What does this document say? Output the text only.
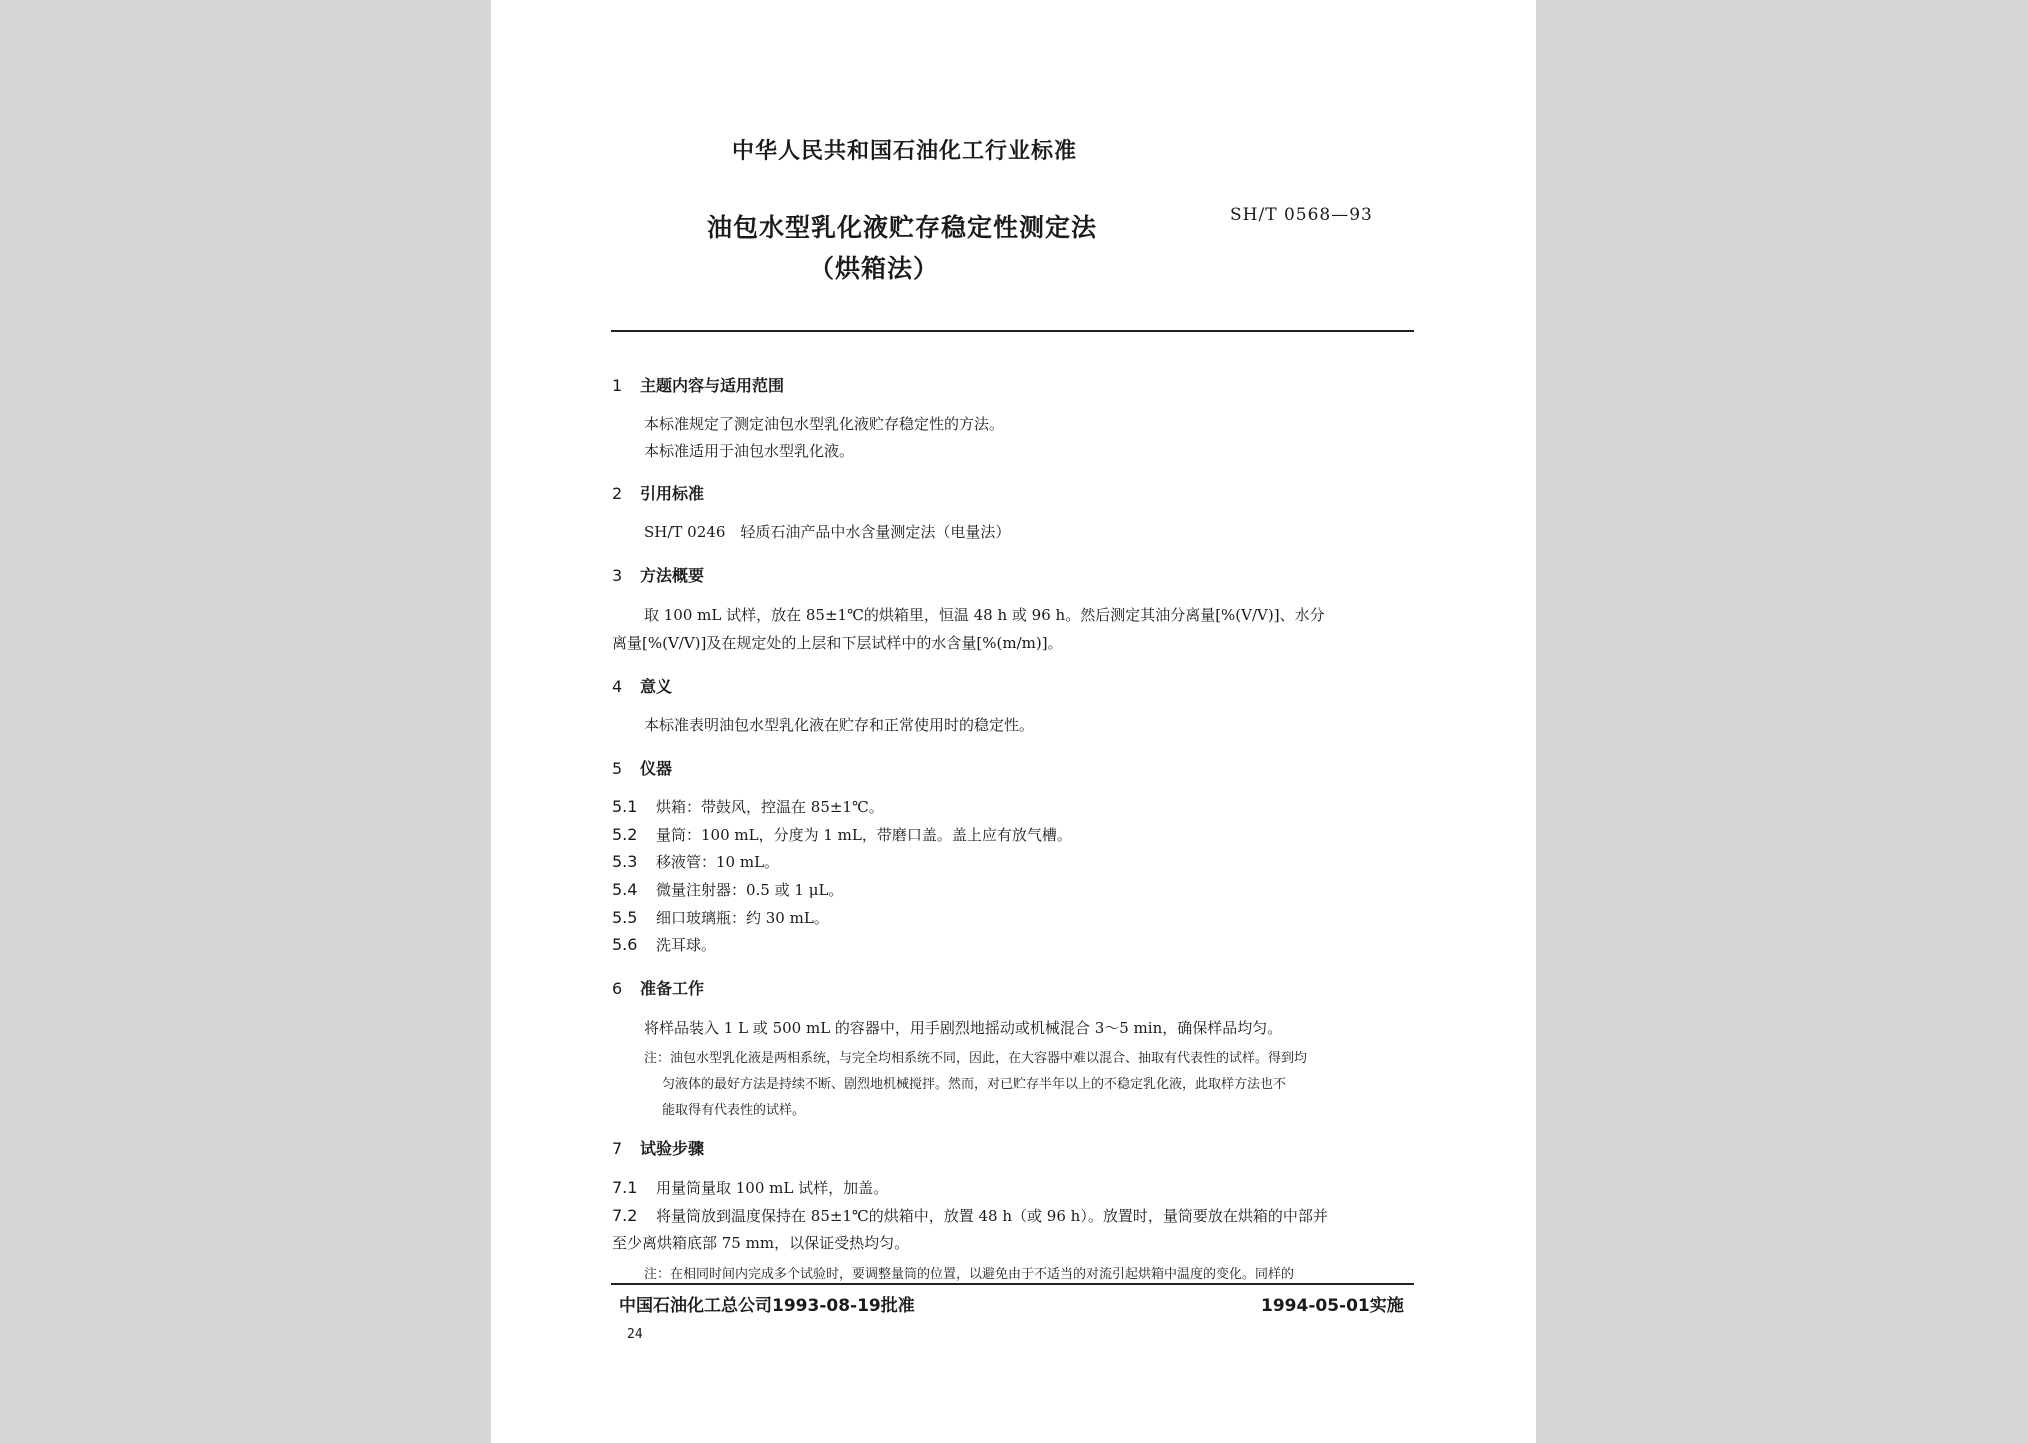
中华人民共和国石油化工行业标准
油包水型乳化液贮存稳定性测定法
（烘箱法）
SH/T 0568—93
1 主题内容与适用范围
本标准规定了测定油包水型乳化液贮存稳定性的方法。
本标准适用于油包水型乳化液。
2 引用标准
SH/T 0246　轻质石油产品中水含量测定法（电量法）
3 方法概要
取 100 mL 试样，放在 85±1℃的烘箱里，恒温 48 h 或 96 h。然后测定其油分离量[%(V/V)]、水分
离量[%(V/V)]及在规定处的上层和下层试样中的水含量[%(m/m)]。
4 意义
本标准表明油包水型乳化液在贮存和正常使用时的稳定性。
5 仪器
5.1 烘箱：带鼓风，控温在 85±1℃。
5.2 量筒：100 mL，分度为 1 mL，带磨口盖。盖上应有放气槽。
5.3 移液管：10 mL。
5.4 微量注射器：0.5 或 1 μL。
5.5 细口玻璃瓶：约 30 mL。
5.6 洗耳球。
6 准备工作
将样品装入 1 L 或 500 mL 的容器中，用手剧烈地摇动或机械混合 3～5 min，确保样品均匀。
注：油包水型乳化液是两相系统，与完全均相系统不同，因此，在大容器中难以混合、抽取有代表性的试样。得到均
匀液体的最好方法是持续不断、剧烈地机械搅拌。然而，对已贮存半年以上的不稳定乳化液，此取样方法也不
能取得有代表性的试样。
7 试验步骤
7.1 用量筒量取 100 mL 试样，加盖。
7.2 将量筒放到温度保持在 85±1℃的烘箱中，放置 48 h（或 96 h）。放置时，量筒要放在烘箱的中部并
至少离烘箱底部 75 mm，以保证受热均匀。
注：在相同时间内完成多个试验时，要调整量筒的位置，以避免由于不适当的对流引起烘箱中温度的变化。同样的
中国石油化工总公司1993-08-19批准	1994-05-01实施
24
